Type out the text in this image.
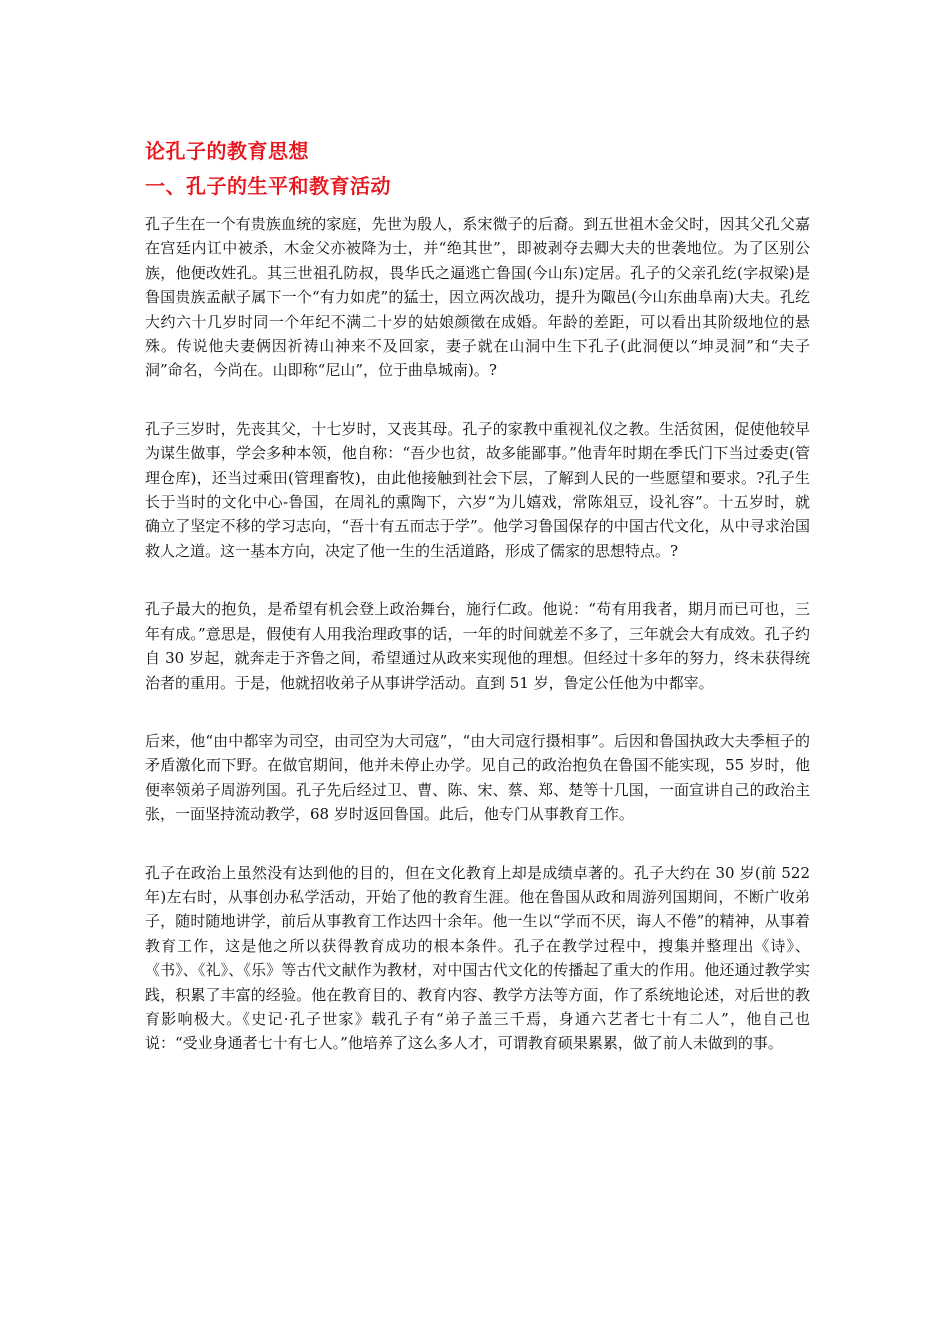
论孔子的教育思想
一、孔子的生平和教育活动

孔子生在一个有贵族血统的家庭，先世为殷人，系宋微子的后裔。到五世祖木金父时，因其父孔父嘉在宫廷内讧中被杀，木金父亦被降为士，并“绝其世”，即被剥夺去卿大夫的世袭地位。为了区别公族，他便改姓孔。其三世祖孔防叔，畏华氏之逼逃亡鲁国(今山东)定居。孔子的父亲孔纥(字叔梁)是鲁国贵族孟献子属下一个“有力如虎”的猛士，因立两次战功，提升为陬邑(今山东曲阜南)大夫。孔纥大约六十几岁时同一个年纪不满二十岁的姑娘颜徵在成婚。年龄的差距，可以看出其阶级地位的悬殊。传说他夫妻俩因祈祷山神来不及回家，妻子就在山洞中生下孔子(此洞便以“坤灵洞”和“夫子洞”命名，今尚在。山即称“尼山”，位于曲阜城南)。?

孔子三岁时，先丧其父，十七岁时，又丧其母。孔子的家教中重视礼仪之教。生活贫困，促使他较早为谋生做事，学会多种本领，他自称：“吾少也贫，故多能鄙事。”他青年时期在季氏门下当过委吏(管理仓库)，还当过乘田(管理畜牧)，由此他接触到社会下层，了解到人民的一些愿望和要求。?孔子生长于当时的文化中心-鲁国，在周礼的熏陶下，六岁“为儿嬉戏，常陈俎豆，设礼容”。十五岁时，就确立了坚定不移的学习志向，“吾十有五而志于学”。他学习鲁国保存的中国古代文化，从中寻求治国救人之道。这一基本方向，决定了他一生的生活道路，形成了儒家的思想特点。?

孔子最大的抱负，是希望有机会登上政治舞台，施行仁政。他说：“苟有用我者，期月而已可也，三年有成。”意思是，假使有人用我治理政事的话，一年的时间就差不多了，三年就会大有成效。孔子约自 30 岁起，就奔走于齐鲁之间，希望通过从政来实现他的理想。但经过十多年的努力，终未获得统治者的重用。于是，他就招收弟子从事讲学活动。直到 51 岁，鲁定公任他为中都宰。

后来，他“由中都宰为司空，由司空为大司寇”，“由大司寇行摄相事”。后因和鲁国执政大夫季桓子的矛盾激化而下野。在做官期间，他并未停止办学。见自己的政治抱负在鲁国不能实现，55 岁时，他便率领弟子周游列国。孔子先后经过卫、曹、陈、宋、蔡、郑、楚等十几国，一面宣讲自己的政治主张，一面坚持流动教学，68 岁时返回鲁国。此后，他专门从事教育工作。

孔子在政治上虽然没有达到他的目的，但在文化教育上却是成绩卓著的。孔子大约在 30 岁(前 522 年)左右时，从事创办私学活动，开始了他的教育生涯。他在鲁国从政和周游列国期间，不断广收弟子，随时随地讲学，前后从事教育工作达四十余年。他一生以“学而不厌，诲人不倦”的精神，从事着教育工作，这是他之所以获得教育成功的根本条件。孔子在教学过程中，搜集并整理出《诗》、《书》、《礼》、《乐》等古代文献作为教材，对中国古代文化的传播起了重大的作用。他还通过教学实践，积累了丰富的经验。他在教育目的、教育内容、教学方法等方面，作了系统地论述，对后世的教育影响极大。《史记·孔子世家》载孔子有“弟子盖三千焉，身通六艺者七十有二人”，他自己也说：“受业身通者七十有七人。”他培养了这么多人才，可谓教育硕果累累，做了前人未做到的事。
